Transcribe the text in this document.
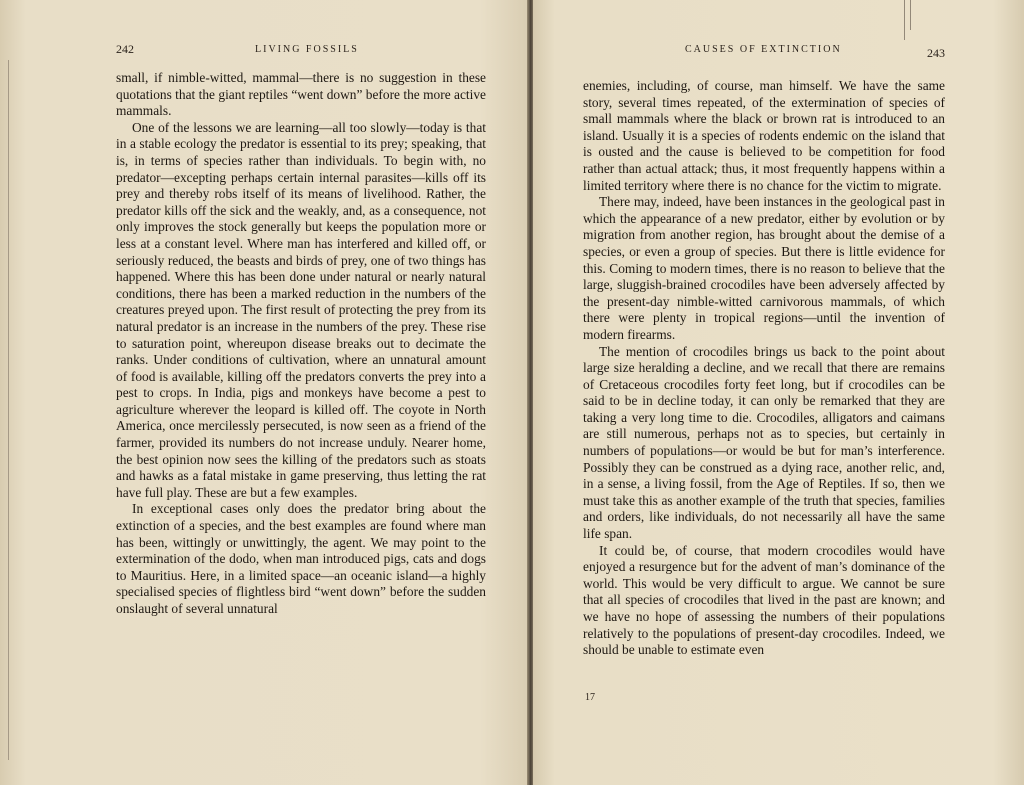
242	LIVING FOSSILS

small, if nimble-witted, mammal—there is no suggestion in these quotations that the giant reptiles “went down” before the more active mammals.

One of the lessons we are learning—all too slowly—today is that in a stable ecology the predator is essential to its prey; speaking, that is, in terms of species rather than individuals. To begin with, no predator—excepting perhaps certain internal parasites—kills off its prey and thereby robs itself of its means of livelihood. Rather, the predator kills off the sick and the weakly, and, as a consequence, not only improves the stock generally but keeps the population more or less at a constant level. Where man has interfered and killed off, or seriously reduced, the beasts and birds of prey, one of two things has happened. Where this has been done under natural or nearly natural conditions, there has been a marked reduction in the numbers of the creatures preyed upon. The first result of protecting the prey from its natural predator is an increase in the numbers of the prey. These rise to saturation point, whereupon disease breaks out to decimate the ranks. Under conditions of cultivation, where an unnatural amount of food is available, killing off the predators converts the prey into a pest to crops. In India, pigs and monkeys have become a pest to agriculture wherever the leopard is killed off. The coyote in North America, once mercilessly persecuted, is now seen as a friend of the farmer, provided its numbers do not increase unduly. Nearer home, the best opinion now sees the killing of the predators such as stoats and hawks as a fatal mistake in game preserving, thus letting the rat have full play. These are but a few examples.

In exceptional cases only does the predator bring about the extinction of a species, and the best examples are found where man has been, wittingly or unwittingly, the agent. We may point to the extermination of the dodo, when man introduced pigs, cats and dogs to Mauritius. Here, in a limited space—an oceanic island—a highly specialised species of flightless bird “went down” before the sudden onslaught of several unnatural

CAUSES OF EXTINCTION	243

enemies, including, of course, man himself. We have the same story, several times repeated, of the extermination of species of small mammals where the black or brown rat is introduced to an island. Usually it is a species of rodents endemic on the island that is ousted and the cause is believed to be competition for food rather than actual attack; thus, it most frequently happens within a limited territory where there is no chance for the victim to migrate.

There may, indeed, have been instances in the geological past in which the appearance of a new predator, either by evolution or by migration from another region, has brought about the demise of a species, or even a group of species. But there is little evidence for this. Coming to modern times, there is no reason to believe that the large, sluggish-brained crocodiles have been adversely affected by the present-day nimble-witted carnivorous mammals, of which there were plenty in tropical regions—until the invention of modern firearms.

The mention of crocodiles brings us back to the point about large size heralding a decline, and we recall that there are remains of Cretaceous crocodiles forty feet long, but if crocodiles can be said to be in decline today, it can only be remarked that they are taking a very long time to die. Crocodiles, alligators and caimans are still numerous, perhaps not as to species, but certainly in numbers of populations—or would be but for man’s interference. Possibly they can be construed as a dying race, another relic, and, in a sense, a living fossil, from the Age of Reptiles. If so, then we must take this as another example of the truth that species, families and orders, like individuals, do not necessarily all have the same life span.

It could be, of course, that modern crocodiles would have enjoyed a resurgence but for the advent of man’s dominance of the world. This would be very difficult to argue. We cannot be sure that all species of crocodiles that lived in the past are known; and we have no hope of assessing the numbers of their populations relatively to the populations of present-day crocodiles. Indeed, we should be unable to estimate even

17
